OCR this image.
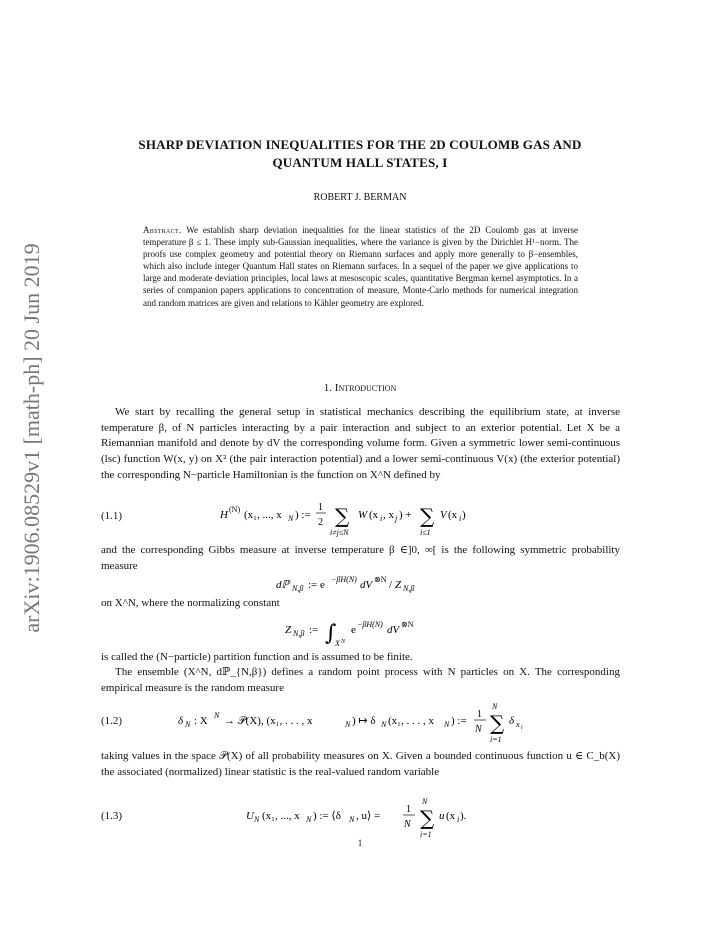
arXiv:1906.08529v1 [math-ph] 20 Jun 2019
SHARP DEVIATION INEQUALITIES FOR THE 2D COULOMB GAS AND
QUANTUM HALL STATES, I
ROBERT J. BERMAN
Abstract. We establish sharp deviation inequalities for the linear statistics of the 2D Coulomb gas at inverse temperature β ≤ 1. These imply sub-Gaussian inequalities, where the variance is given by the Dirichlet H¹−norm. The proofs use complex geometry and potential theory on Riemann surfaces and apply more generally to β−ensembles, which also include integer Quantum Hall states on Riemann surfaces. In a sequel of the paper we give applications to large and moderate deviation principles, local laws at mesoscopic scales, quantitative Bergman kernel asymptotics. In a series of companion papers applications to concentration of measure, Monte-Carlo methods for numerical integration and random matrices are given and relations to Kähler geometry are explored.
1. Introduction
We start by recalling the general setup in statistical mechanics describing the equilibrium state, at inverse temperature β, of N particles interacting by a pair interaction and subject to an exterior potential. Let X be a Riemannian manifold and denote by dV the corresponding volume form. Given a symmetric lower semi-continuous (lsc) function W(x, y) on X² (the pair interaction potential) and a lower semi-continuous V(x) (the exterior potential) the corresponding N−particle Hamiltonian is the function on X^N defined by
(1.1)	H (N) (x₁, ..., x N ) :=
1
2 ∑
i≠j≤N
W (x i , x j ) + ∑
i≤1
V (x i )
and the corresponding Gibbs measure at inverse temperature β ∈]0, ∞[ is the following symmetric probability measure
dℙ N,β := e −βH(N) dV ⊗N / Z N,β
on X^N, where the normalizing constant
Z N,β := ∫
X N
e −βH(N) dV ⊗N
is called the (N−particle) partition function and is assumed to be finite.
The ensemble (X^N, dℙ_{N,β}) defines a random point process with N particles on X. The corresponding empirical measure is the random measure
(1.2)	δ N : X N → 𝒫(X), (x₁, . . . , x	N ) ↦ δ N (x₁, . . . , x N ) :=
1
N
N
∑
i=1
δ x i
taking values in the space 𝒫(X) of all probability measures on X. Given a bounded continuous function u ∈ C_b(X) the associated (normalized) linear statistic is the real-valued random variable
(1.3)	U N (x₁, ..., x N ) := ⟨δ N , u⟩ =
1
N
N
∑
i=1
u (x i ).
1
